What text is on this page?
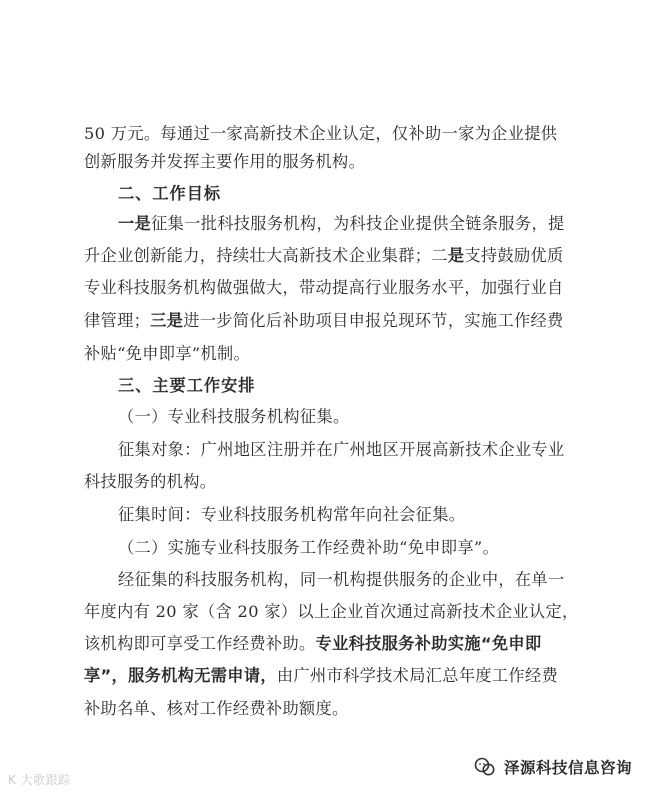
50 万元。每通过一家高新技术企业认定，仅补助一家为企业提供
创新服务并发挥主要作用的服务机构。
二、工作目标
一是征集一批科技服务机构，为科技企业提供全链条服务，提
升企业创新能力，持续壮大高新技术企业集群；二是支持鼓励优质
专业科技服务机构做强做大，带动提高行业服务水平，加强行业自
律管理；三是进一步简化后补助项目申报兑现环节，实施工作经费
补贴“免申即享”机制。
三、主要工作安排
（一）专业科技服务机构征集。
征集对象：广州地区注册并在广州地区开展高新技术企业专业
科技服务的机构。
征集时间：专业科技服务机构常年向社会征集。
（二）实施专业科技服务工作经费补助“免申即享”。
经征集的科技服务机构，同一机构提供服务的企业中，在单一
年度内有 20 家（含 20 家）以上企业首次通过高新技术企业认定，
该机构即可享受工作经费补助。专业科技服务补助实施“免申即
享”，服务机构无需申请，由广州市科学技术局汇总年度工作经费
补助名单、核对工作经费补助额度。
K 大歌跟踪
泽源科技信息咨询
